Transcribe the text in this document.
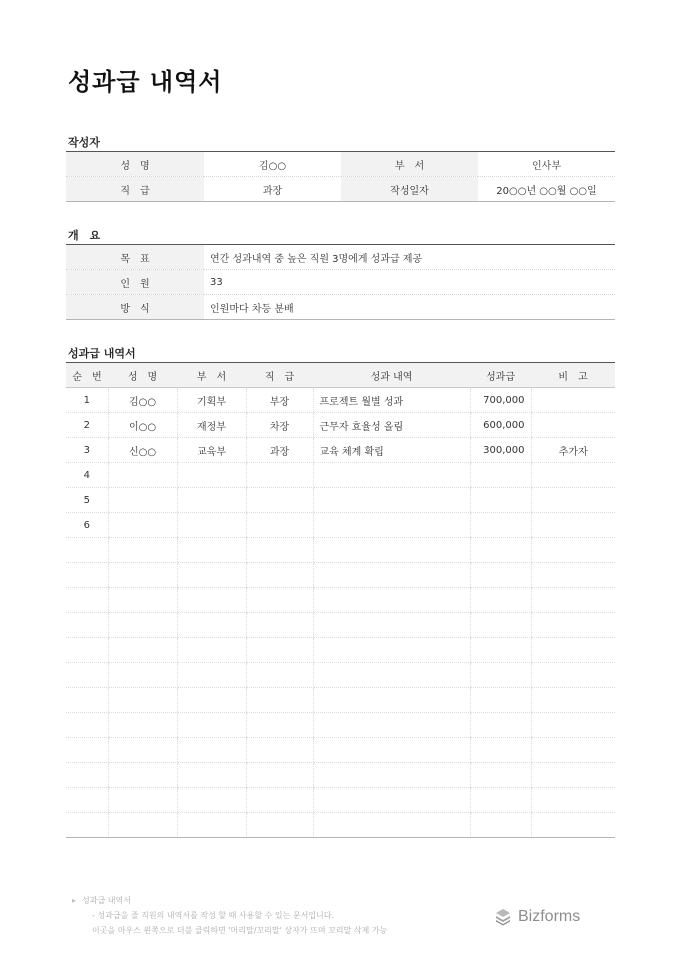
성과급 내역서
작성자
성　명	김○○	부　서	인사부
직　급	과장	작성일자	20○○년 ○○월 ○○일
개　요
목　표	연간 성과내역 중 높은 직원 3명에게 성과급 제공
인　원	33
방　식	인원마다 차등 분배
성과급 내역서
순　번	성　명	부　서	직　급	성과 내역	성과급	비　고
1	김○○	기획부	부장	프로젝트 월별 성과	700,000	
2	이○○	재정부	차장	근무자 효율성 올림	600,000	
3	신○○	교육부	과장	교육 체계 확립	300,000	추가자
4						
5						
6						

▸ 성과급 내역서
- 성과급을 줄 직원의 내역서를 작성 할 때 사용할 수 있는 문서입니다.
이곳을 마우스 왼쪽으로 더블 클릭하면 '머리말/꼬리말' 상자가 뜨며 꼬리말 삭제 가능
Bizforms
